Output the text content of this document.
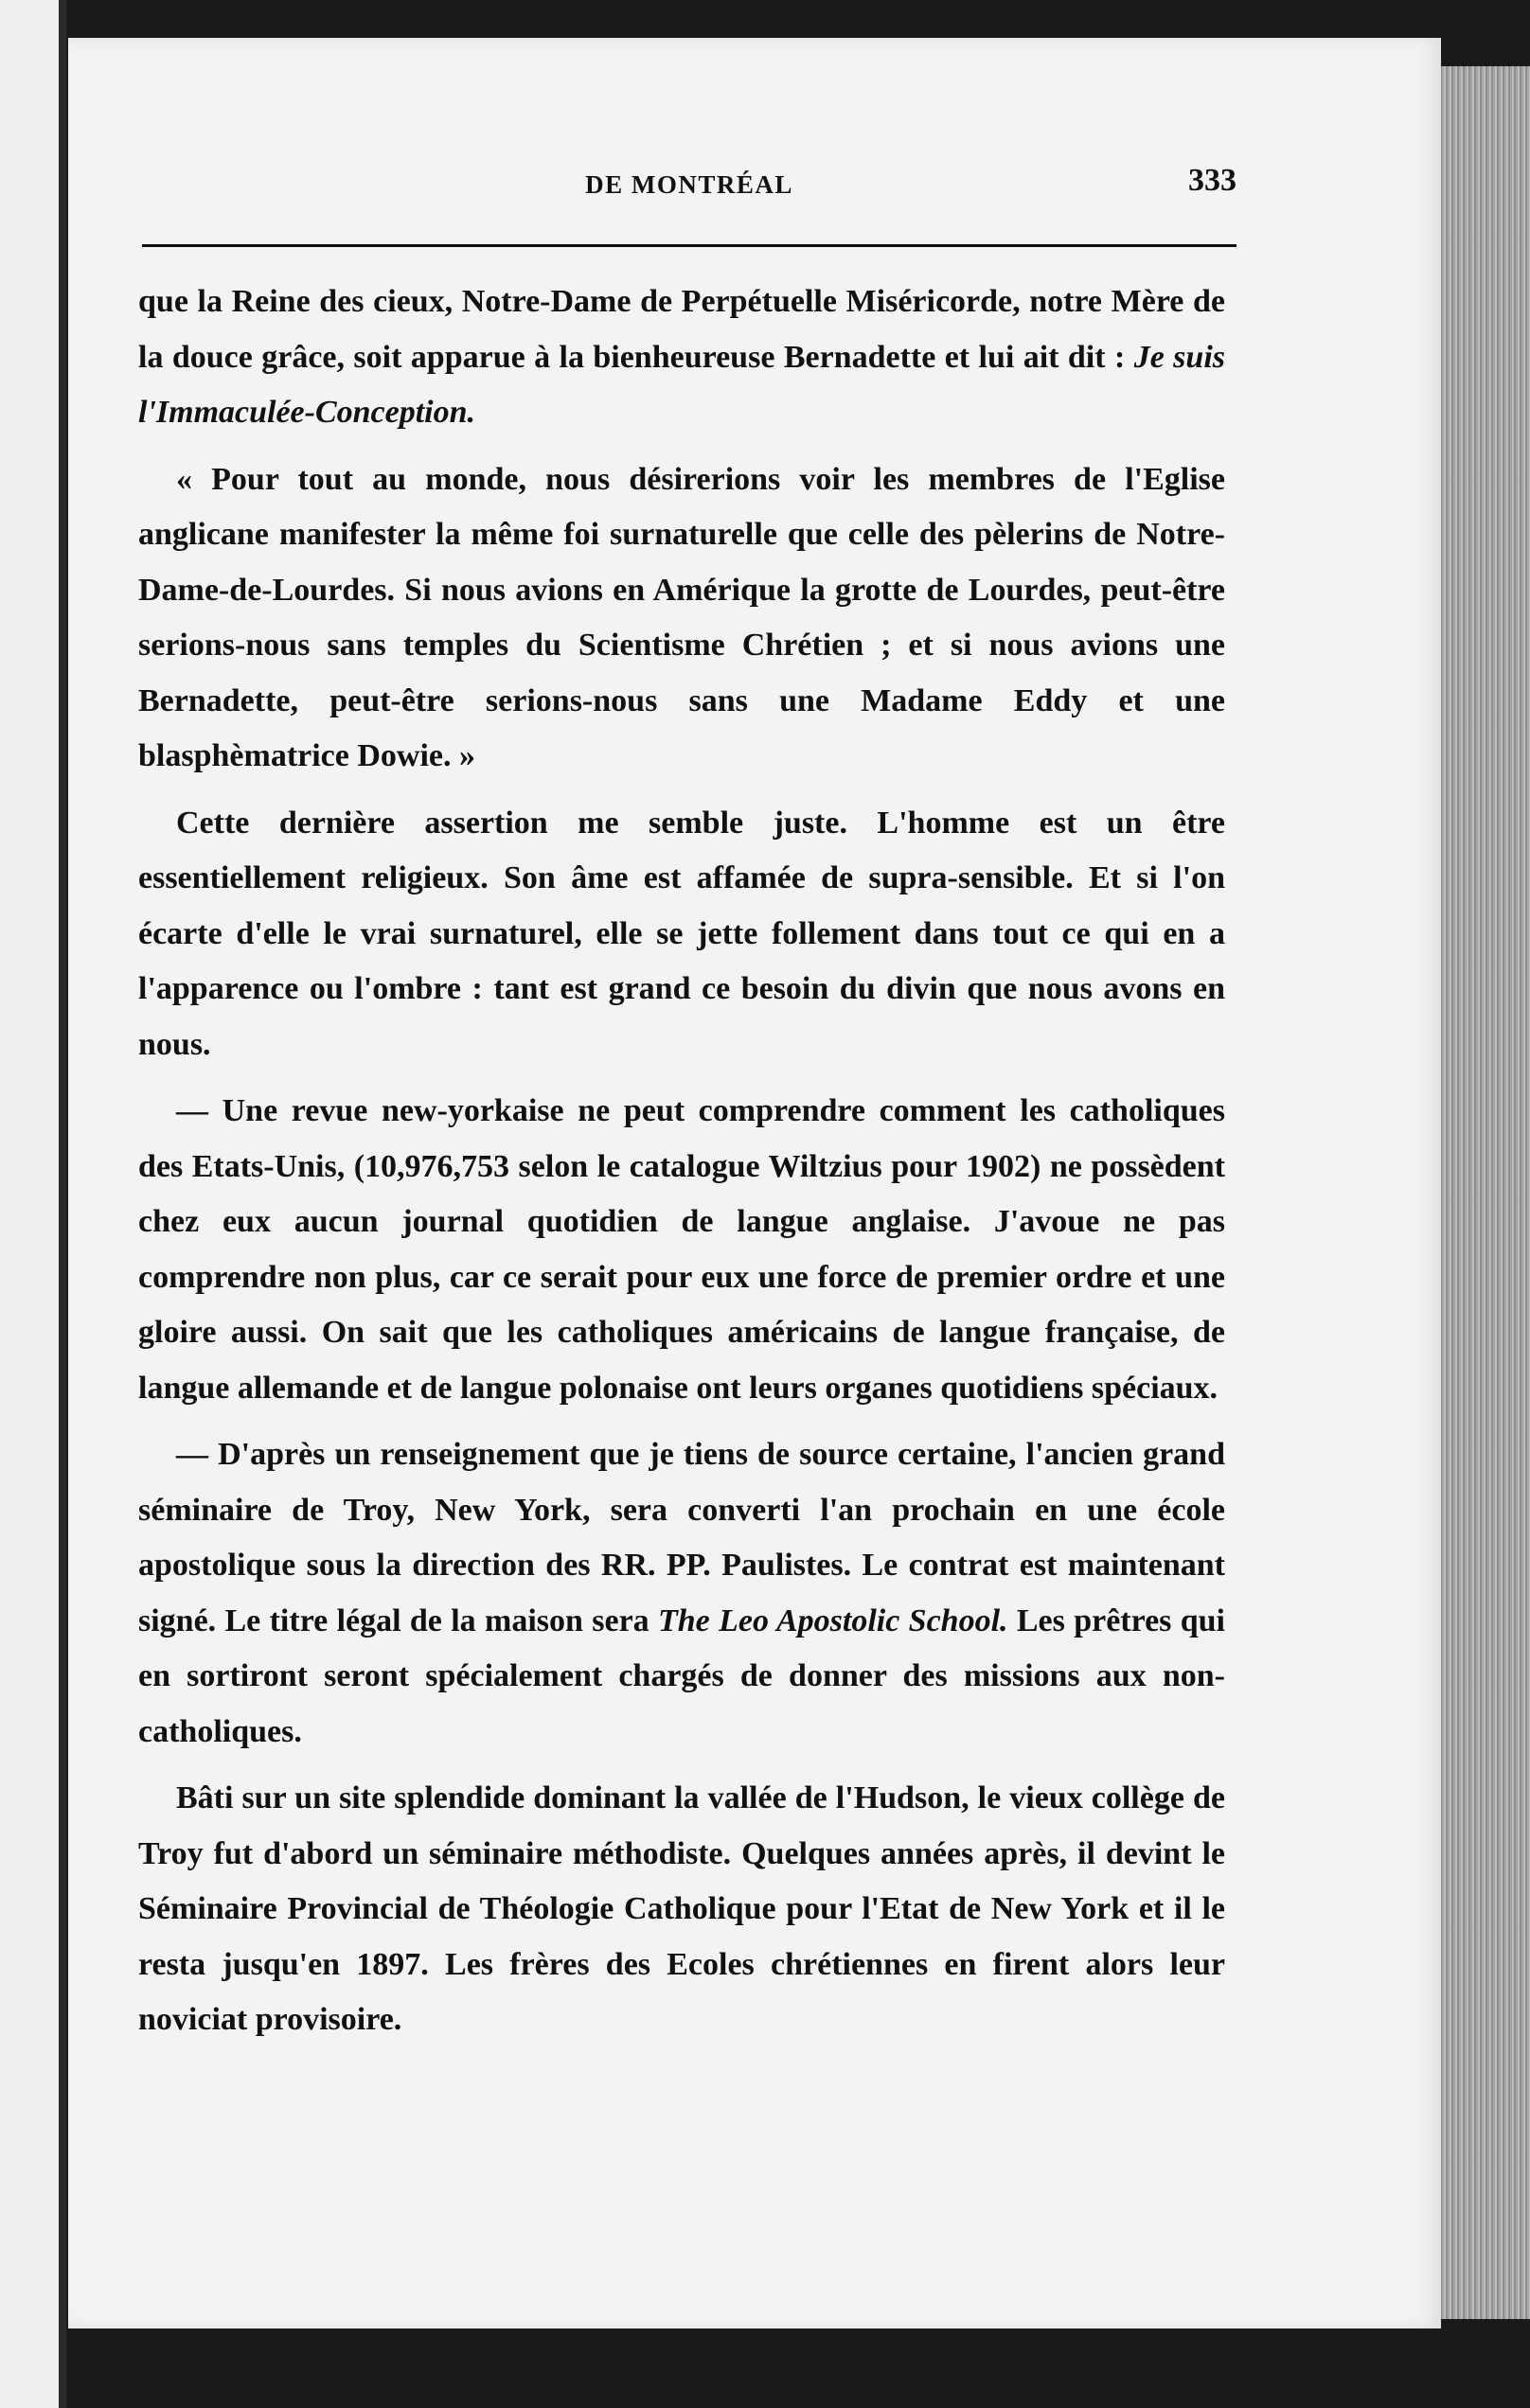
DE MONTRÉAL	333

que la Reine des cieux, Notre-Dame de Perpétuelle Miséricorde, notre Mère de la douce grâce, soit apparue à la bienheureuse Bernadette et lui ait dit : Je suis l'Immaculée-Conception.

« Pour tout au monde, nous désirerions voir les membres de l'Eglise anglicane manifester la même foi surnaturelle que celle des pèlerins de Notre-Dame-de-Lourdes. Si nous avions en Amérique la grotte de Lourdes, peut-être serions-nous sans temples du Scientisme Chrétien ; et si nous avions une Bernadette, peut-être serions-nous sans une Madame Eddy et une blasphèmatrice Dowie. »

Cette dernière assertion me semble juste. L'homme est un être essentiellement religieux. Son âme est affamée de supra-sensible. Et si l'on écarte d'elle le vrai surnaturel, elle se jette follement dans tout ce qui en a l'apparence ou l'ombre : tant est grand ce besoin du divin que nous avons en nous.

— Une revue new-yorkaise ne peut comprendre comment les catholiques des Etats-Unis, (10,976,753 selon le catalogue Wiltzius pour 1902) ne possèdent chez eux aucun journal quotidien de langue anglaise. J'avoue ne pas comprendre non plus, car ce serait pour eux une force de premier ordre et une gloire aussi. On sait que les catholiques américains de langue française, de langue allemande et de langue polonaise ont leurs organes quotidiens spéciaux.

— D'après un renseignement que je tiens de source certaine, l'ancien grand séminaire de Troy, New York, sera converti l'an prochain en une école apostolique sous la direction des RR. PP. Paulistes. Le contrat est maintenant signé. Le titre légal de la maison sera The Leo Apostolic School. Les prêtres qui en sortiront seront spécialement chargés de donner des missions aux non-catholiques.

Bâti sur un site splendide dominant la vallée de l'Hudson, le vieux collège de Troy fut d'abord un séminaire méthodiste. Quelques années après, il devint le Séminaire Provincial de Théologie Catholique pour l'Etat de New York et il le resta jusqu'en 1897. Les frères des Ecoles chrétiennes en firent alors leur noviciat provisoire.
